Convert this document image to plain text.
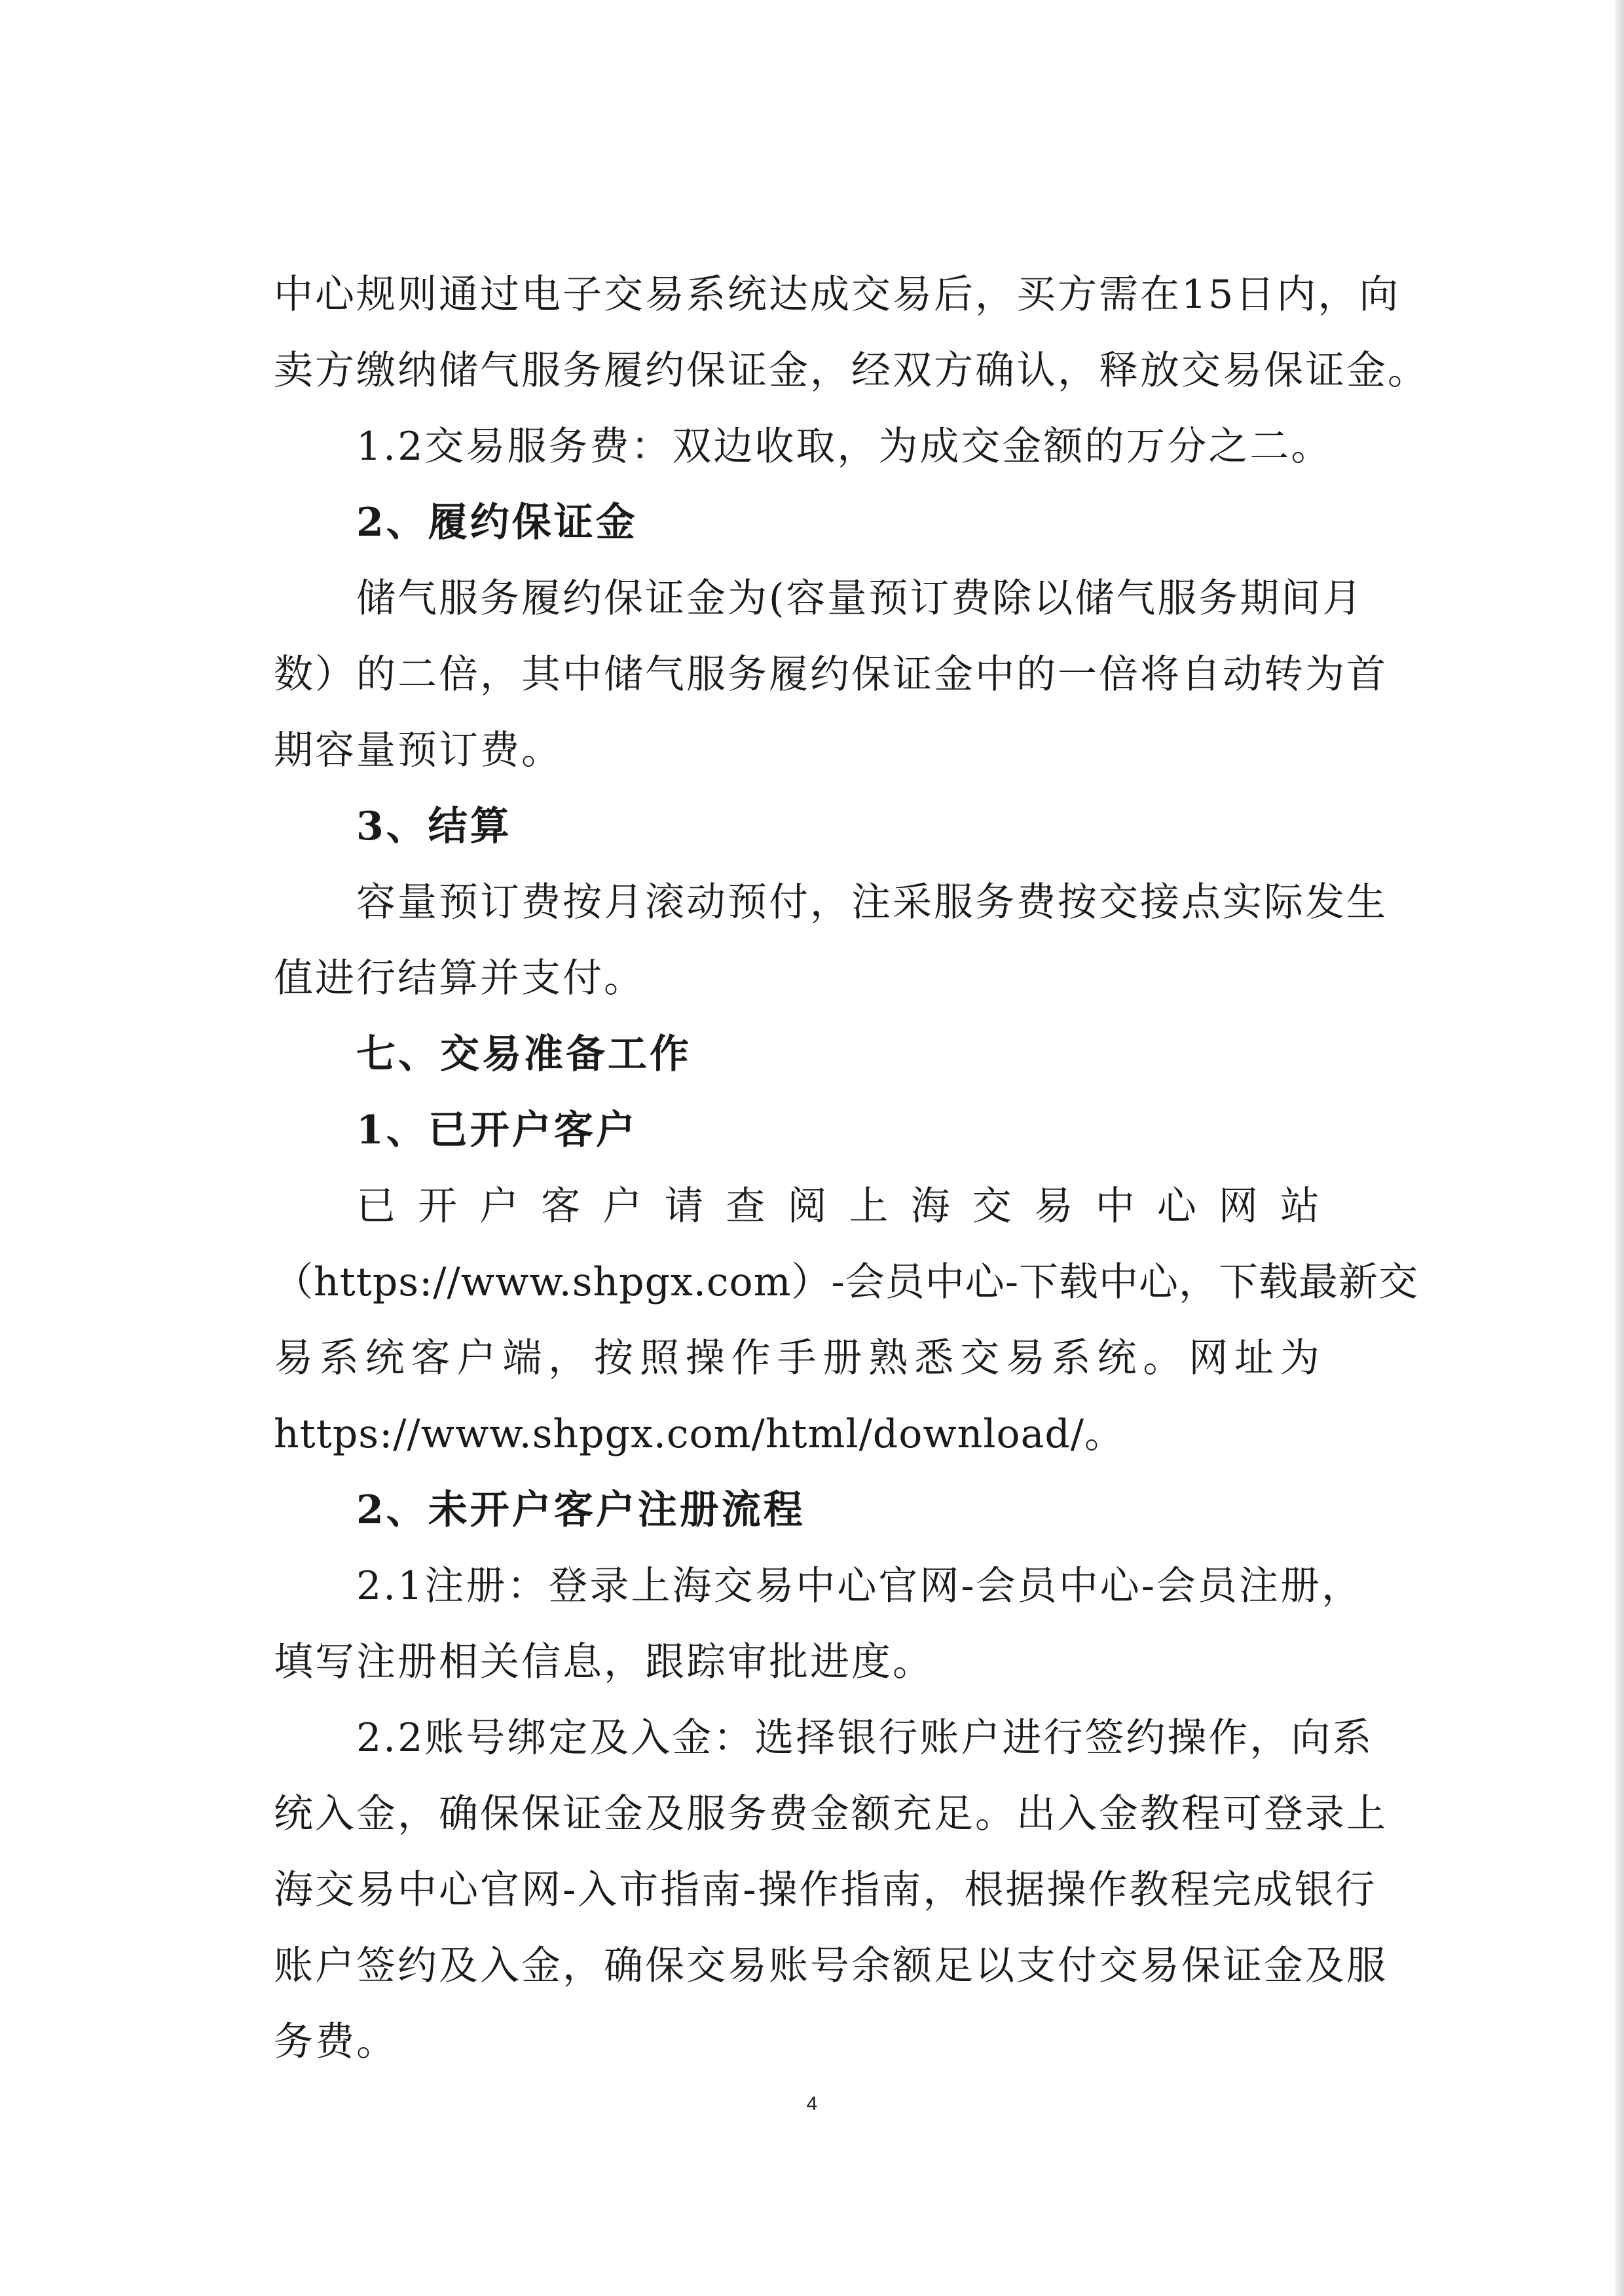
中心规则通过电子交易系统达成交易后，买方需在15日内，向
卖方缴纳储气服务履约保证金，经双方确认，释放交易保证金。
1.2交易服务费：双边收取，为成交金额的万分之二。
2、履约保证金
储气服务履约保证金为(容量预订费除以储气服务期间月
数）的二倍，其中储气服务履约保证金中的一倍将自动转为首
期容量预订费。
3、结算
容量预订费按月滚动预付，注采服务费按交接点实际发生
值进行结算并支付。
七、交易准备工作
1、已开户客户
已开户客户请查阅上海交易中心网站
（https://www.shpgx.com）-会员中心-下载中心，下载最新交
易系统客户端，按照操作手册熟悉交易系统。网址为
https://www.shpgx.com/html/download/。
2、未开户客户注册流程
2.1注册：登录上海交易中心官网-会员中心-会员注册，
填写注册相关信息，跟踪审批进度。
2.2账号绑定及入金：选择银行账户进行签约操作，向系
统入金，确保保证金及服务费金额充足。出入金教程可登录上
海交易中心官网-入市指南-操作指南，根据操作教程完成银行
账户签约及入金，确保交易账号余额足以支付交易保证金及服
务费。
4
